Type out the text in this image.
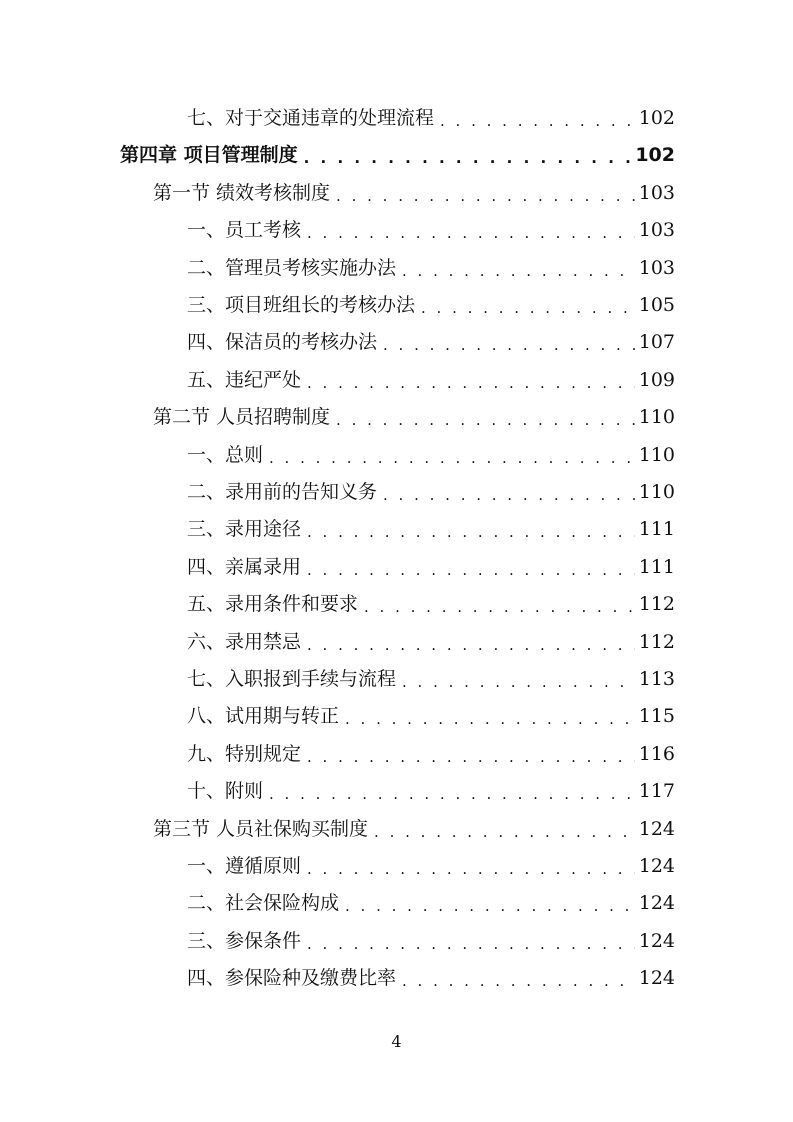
七、对于交通违章的处理流程 . . .	102
第四章 项目管理制度 . . .	102
第一节 绩效考核制度 . . .	103
一、员工考核 . . .	103
二、管理员考核实施办法 . . .	103
三、项目班组长的考核办法 . . .	105
四、保洁员的考核办法 . . .	107
五、违纪严处 . . .	109
第二节 人员招聘制度 . . .	110
一、总则 . . .	110
二、录用前的告知义务 . . .	110
三、录用途径 . . .	111
四、亲属录用 . . .	111
五、录用条件和要求 . . .	112
六、录用禁忌 . . .	112
七、入职报到手续与流程 . . .	113
八、试用期与转正 . . .	115
九、特别规定 . . .	116
十、附则 . . .	117
第三节 人员社保购买制度 . . .	124
一、遵循原则 . . .	124
二、社会保险构成 . . .	124
三、参保条件 . . .	124
四、参保险种及缴费比率 . . .	124
4
